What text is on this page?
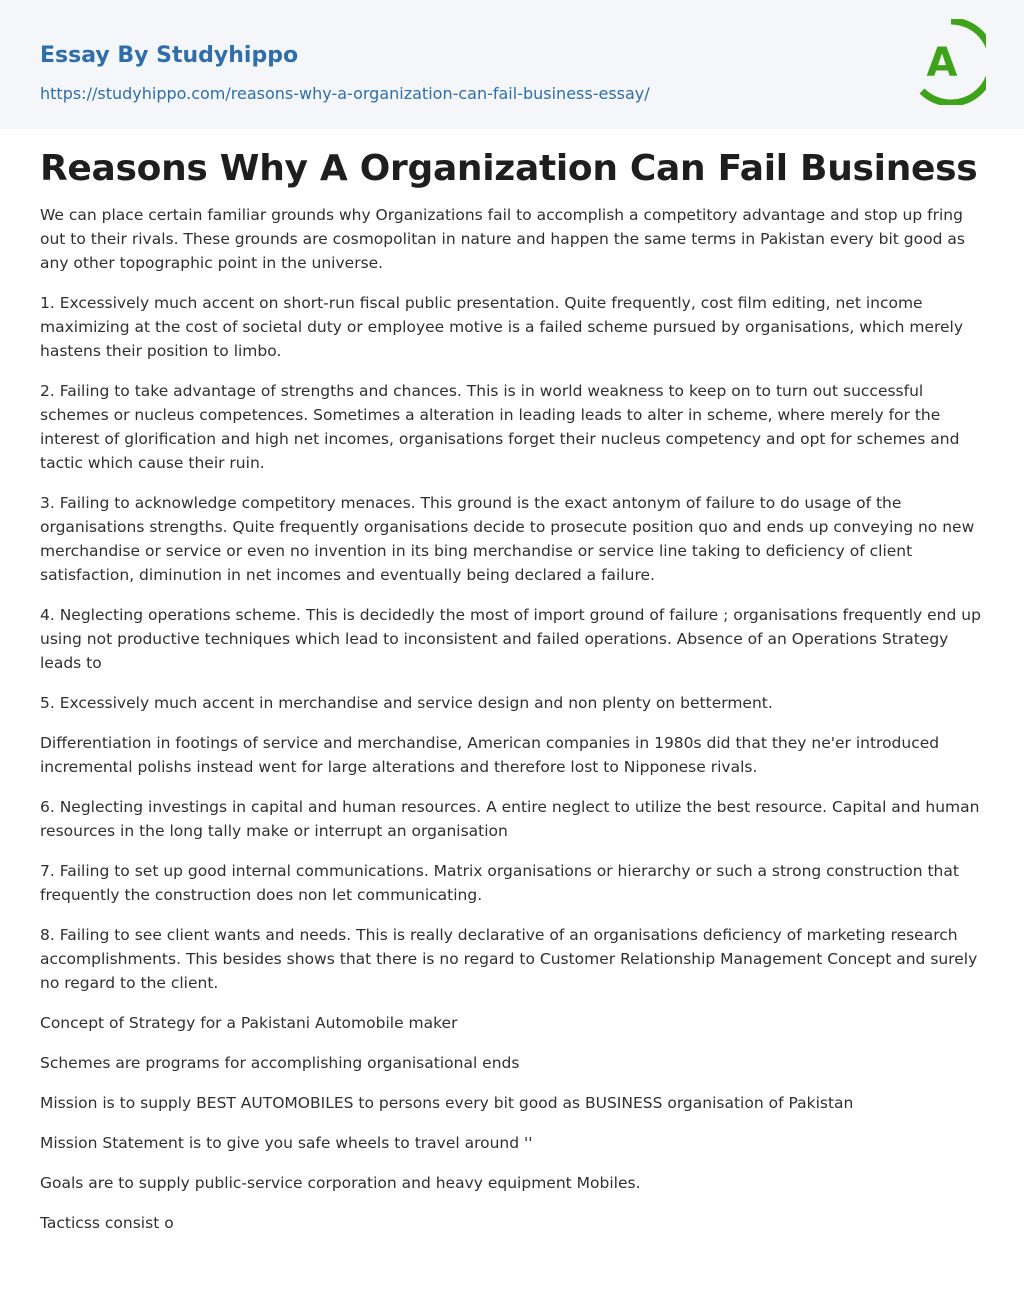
Essay By Studyhippo
https://studyhippo.com/reasons-why-a-organization-can-fail-business-essay/
A
Reasons Why A Organization Can Fail Business

We can place certain familiar grounds why Organizations fail to accomplish a competitory advantage and stop up fring out to their rivals. These grounds are cosmopolitan in nature and happen the same terms in Pakistan every bit good as any other topographic point in the universe.

1. Excessively much accent on short-run fiscal public presentation. Quite frequently, cost film editing, net income maximizing at the cost of societal duty or employee motive is a failed scheme pursued by organisations, which merely hastens their position to limbo.

2. Failing to take advantage of strengths and chances. This is in world weakness to keep on to turn out successful schemes or nucleus competences. Sometimes a alteration in leading leads to alter in scheme, where merely for the interest of glorification and high net incomes, organisations forget their nucleus competency and opt for schemes and tactic which cause their ruin.

3. Failing to acknowledge competitory menaces. This ground is the exact antonym of failure to do usage of the organisations strengths. Quite frequently organisations decide to prosecute position quo and ends up conveying no new merchandise or service or even no invention in its bing merchandise or service line taking to deficiency of client satisfaction, diminution in net incomes and eventually being declared a failure.

4. Neglecting operations scheme. This is decidedly the most of import ground of failure ; organisations frequently end up using not productive techniques which lead to inconsistent and failed operations. Absence of an Operations Strategy leads to

5. Excessively much accent in merchandise and service design and non plenty on betterment.

Differentiation in footings of service and merchandise, American companies in 1980s did that they ne'er introduced incremental polishs instead went for large alterations and therefore lost to Nipponese rivals.

6. Neglecting investings in capital and human resources. A entire neglect to utilize the best resource. Capital and human resources in the long tally make or interrupt an organisation

7. Failing to set up good internal communications. Matrix organisations or hierarchy or such a strong construction that frequently the construction does non let communicating.

8. Failing to see client wants and needs. This is really declarative of an organisations deficiency of marketing research accomplishments. This besides shows that there is no regard to Customer Relationship Management Concept and surely no regard to the client.

Concept of Strategy for a Pakistani Automobile maker

Schemes are programs for accomplishing organisational ends

Mission is to supply BEST AUTOMOBILES to persons every bit good as BUSINESS organisation of Pakistan

Mission Statement is to give you safe wheels to travel around ''

Goals are to supply public-service corporation and heavy equipment Mobiles.

Tacticss consist o
